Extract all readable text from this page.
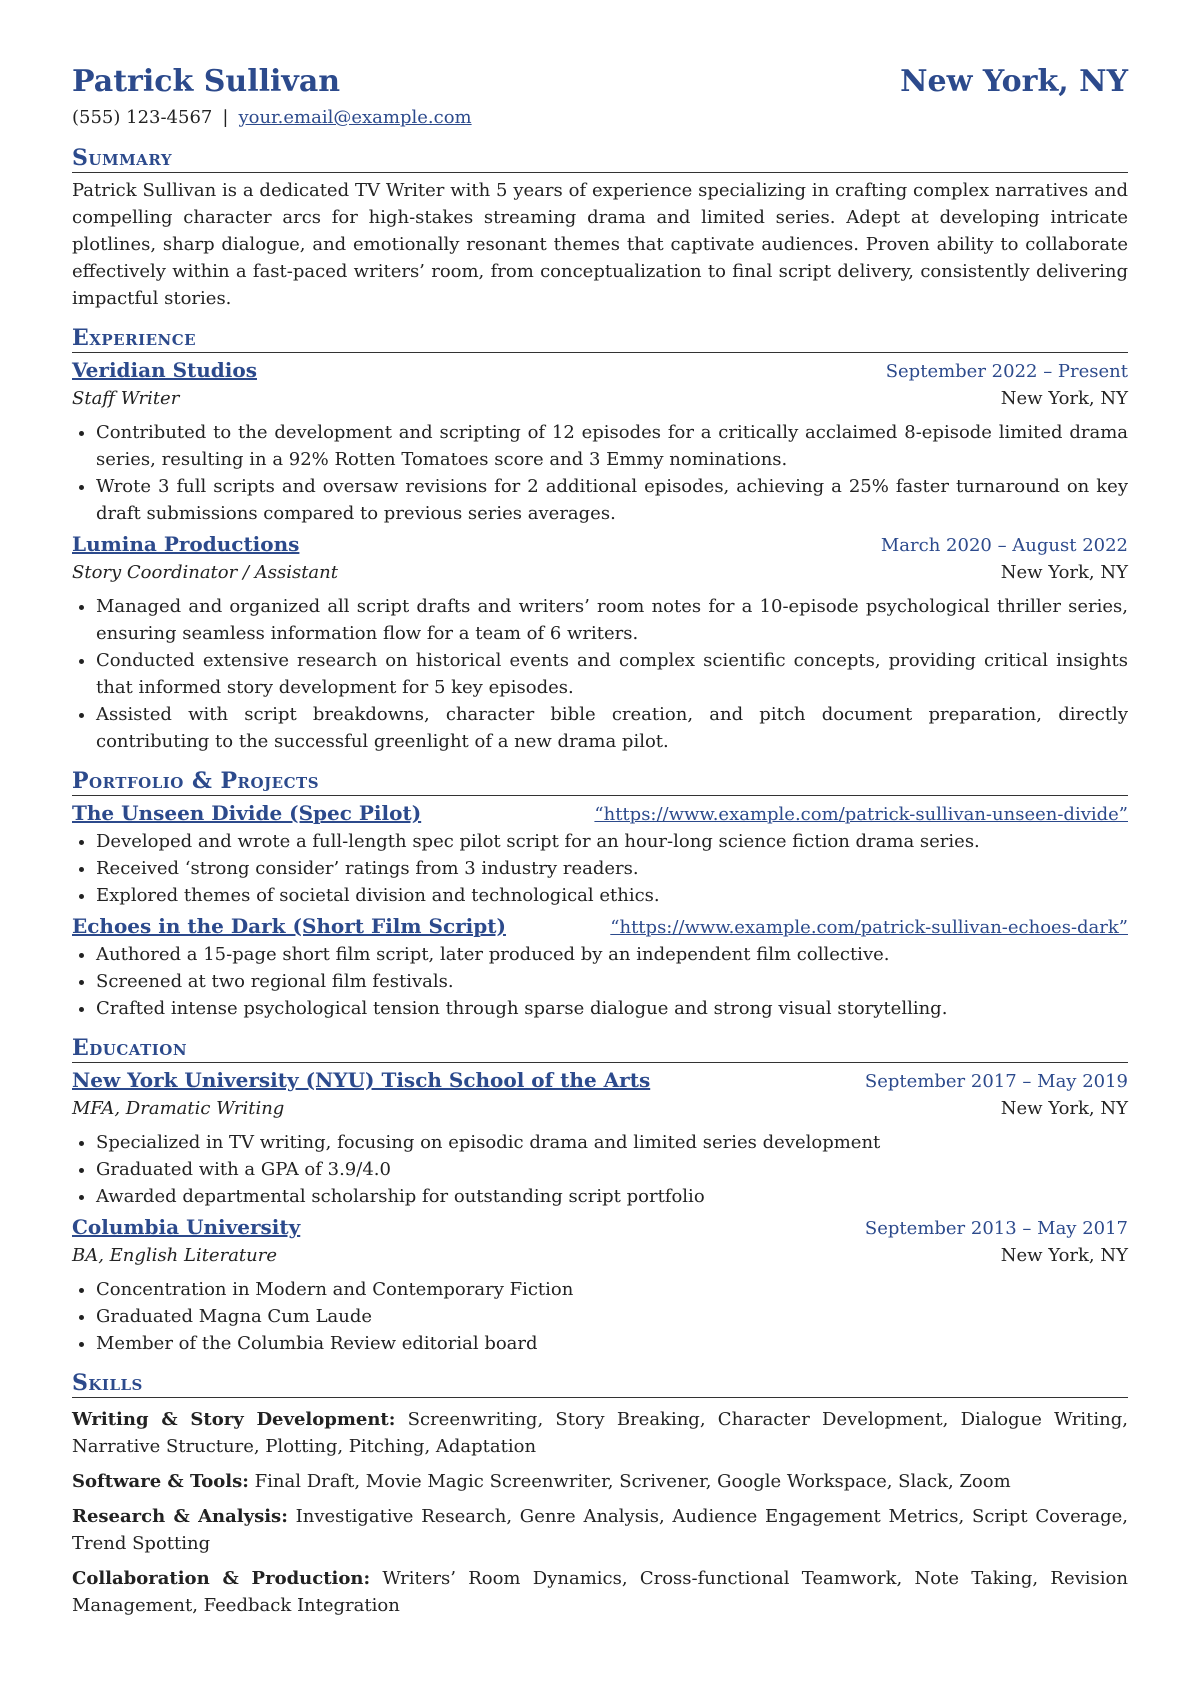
Patrick Sullivan	New York, NY
(555) 123-4567 | your.email@example.com
Summary
Patrick Sullivan is a dedicated TV Writer with 5 years of experience specializing in crafting complex narratives and compelling character arcs for high-stakes streaming drama and limited series. Adept at developing intricate plotlines, sharp dialogue, and emotionally resonant themes that captivate audiences. Proven ability to collaborate effectively within a fast-paced writers’ room, from conceptualization to final script delivery, consistently delivering impactful stories.
Experience
Veridian Studios	September 2022 – Present
Staff Writer	New York, NY
• Contributed to the development and scripting of 12 episodes for a critically acclaimed 8-episode limited drama series, resulting in a 92% Rotten Tomatoes score and 3 Emmy nominations.
• Wrote 3 full scripts and oversaw revisions for 2 additional episodes, achieving a 25% faster turnaround on key draft submissions compared to previous series averages.
Lumina Productions	March 2020 – August 2022
Story Coordinator / Assistant	New York, NY
• Managed and organized all script drafts and writers’ room notes for a 10-episode psychological thriller series, ensuring seamless information flow for a team of 6 writers.
• Conducted extensive research on historical events and complex scientific concepts, providing critical insights that informed story development for 5 key episodes.
• Assisted with script breakdowns, character bible creation, and pitch document preparation, directly contributing to the successful greenlight of a new drama pilot.
Portfolio & Projects
The Unseen Divide (Spec Pilot)	“https://www.example.com/patrick-sullivan-unseen-divide”
• Developed and wrote a full-length spec pilot script for an hour-long science fiction drama series.
• Received ‘strong consider’ ratings from 3 industry readers.
• Explored themes of societal division and technological ethics.
Echoes in the Dark (Short Film Script)	“https://www.example.com/patrick-sullivan-echoes-dark”
• Authored a 15-page short film script, later produced by an independent film collective.
• Screened at two regional film festivals.
• Crafted intense psychological tension through sparse dialogue and strong visual storytelling.
Education
New York University (NYU) Tisch School of the Arts	September 2017 – May 2019
MFA, Dramatic Writing	New York, NY
• Specialized in TV writing, focusing on episodic drama and limited series development
• Graduated with a GPA of 3.9/4.0
• Awarded departmental scholarship for outstanding script portfolio
Columbia University	September 2013 – May 2017
BA, English Literature	New York, NY
• Concentration in Modern and Contemporary Fiction
• Graduated Magna Cum Laude
• Member of the Columbia Review editorial board
Skills
Writing & Story Development: Screenwriting, Story Breaking, Character Development, Dialogue Writing, Narrative Structure, Plotting, Pitching, Adaptation
Software & Tools: Final Draft, Movie Magic Screenwriter, Scrivener, Google Workspace, Slack, Zoom
Research & Analysis: Investigative Research, Genre Analysis, Audience Engagement Metrics, Script Coverage, Trend Spotting
Collaboration & Production: Writers’ Room Dynamics, Cross-functional Teamwork, Note Taking, Revision Management, Feedback Integration
